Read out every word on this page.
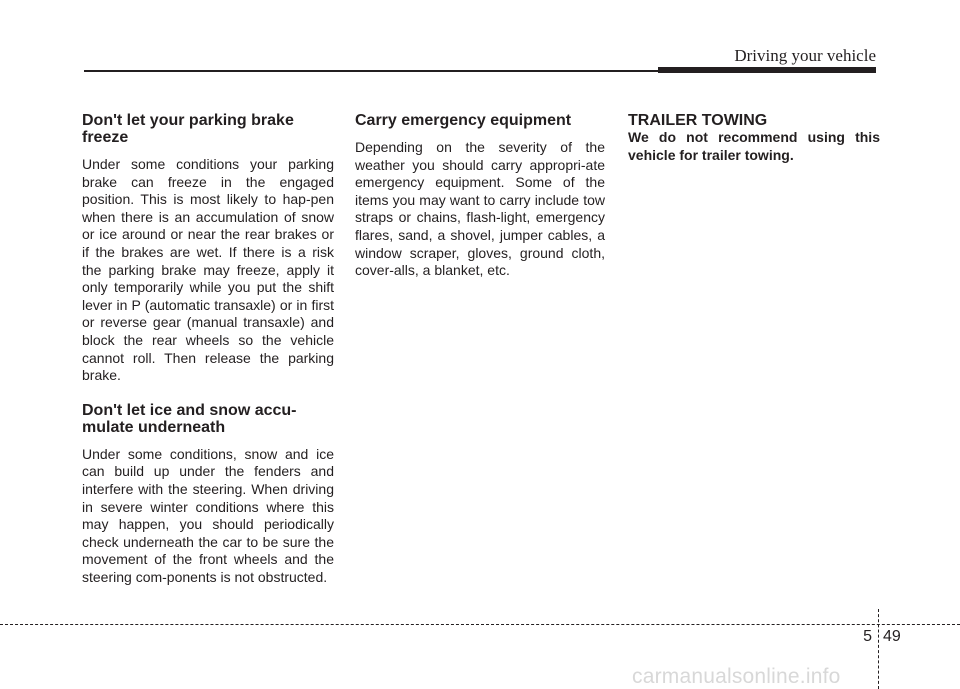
Driving your vehicle
Don't let your parking brake freeze

Under some conditions your parking brake can freeze in the engaged position. This is most likely to hap-pen when there is an accumulation of snow or ice around or near the rear brakes or if the brakes are wet. If there is a risk the parking brake may freeze, apply it only temporarily while you put the shift lever in P (automatic transaxle) or in first or reverse gear (manual transaxle) and block the rear wheels so the vehicle cannot roll. Then release the parking brake.

Don't let ice and snow accu-mulate underneath

Under some conditions, snow and ice can build up under the fenders and interfere with the steering. When driving in severe winter conditions where this may happen, you should periodically check underneath the car to be sure the movement of the front wheels and the steering com-ponents is not obstructed.

Carry emergency equipment

Depending on the severity of the weather you should carry appropri-ate emergency equipment. Some of the items you may want to carry include tow straps or chains, flash-light, emergency flares, sand, a shovel, jumper cables, a window scraper, gloves, ground cloth, cover-alls, a blanket, etc.

TRAILER TOWING

We do not recommend using this vehicle for trailer towing.

5 49
carmanualsonline.info
